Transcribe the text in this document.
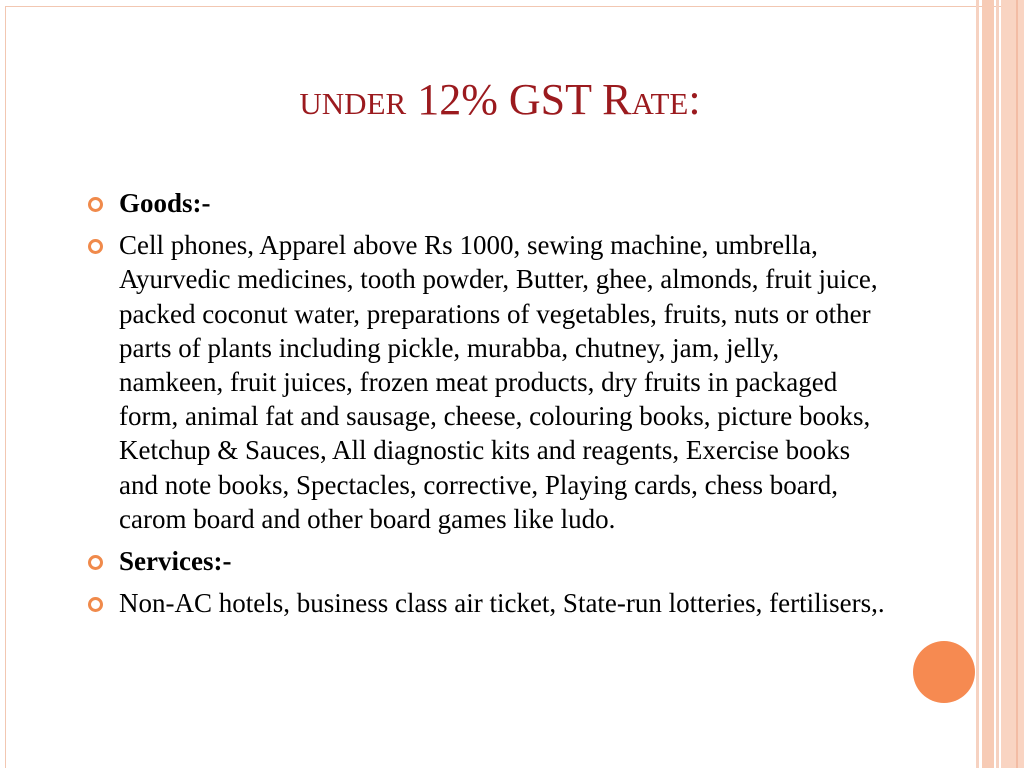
under 12% GST Rate:
Goods:-
Cell phones, Apparel above Rs 1000, sewing machine, umbrella, Ayurvedic medicines, tooth powder, Butter, ghee, almonds, fruit juice, packed coconut water, preparations of vegetables, fruits, nuts or other parts of plants including pickle, murabba, chutney, jam, jelly, namkeen, fruit juices, frozen meat products, dry fruits in packaged form, animal fat and sausage, cheese, colouring books, picture books, Ketchup & Sauces, All diagnostic kits and reagents, Exercise books and note books, Spectacles, corrective, Playing cards, chess board, carom board and other board games like ludo.
Services:-
Non-AC hotels, business class air ticket, State-run lotteries, fertilisers,.
